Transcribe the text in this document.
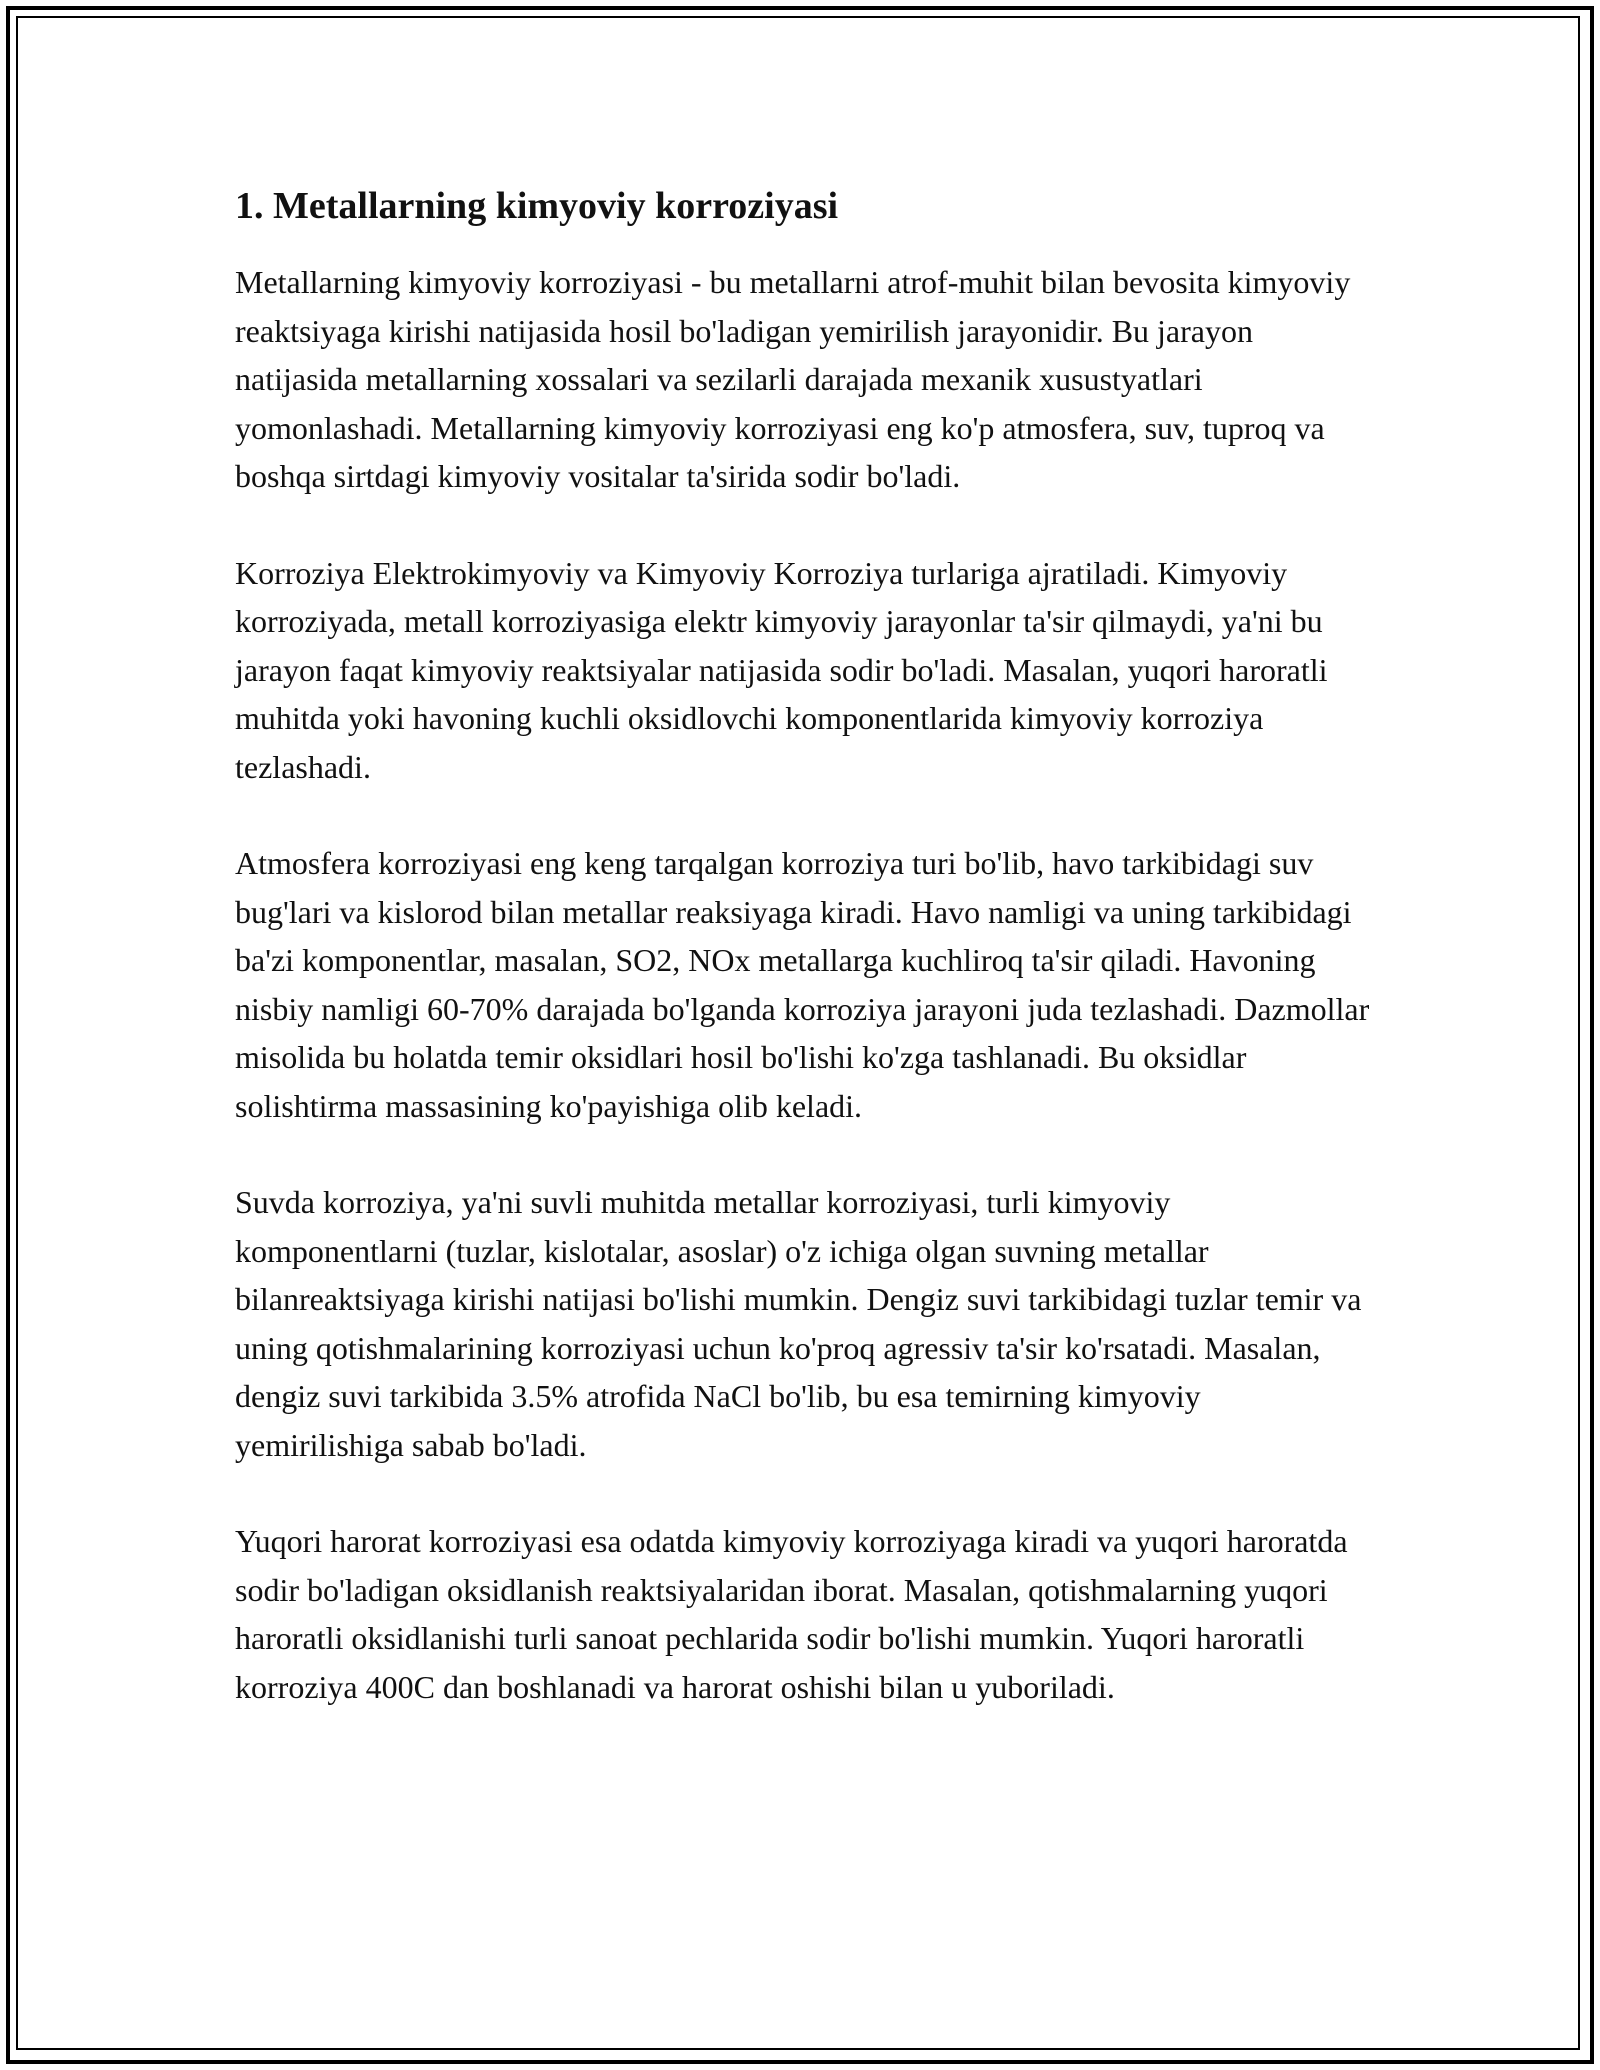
1. Metallarning kimyoviy korroziyasi

Metallarning kimyoviy korroziyasi - bu metallarni atrof-muhit bilan bevosita kimyoviy reaktsiyaga kirishi natijasida hosil bo'ladigan yemirilish jarayonidir. Bu jarayon natijasida metallarning xossalari va sezilarli darajada mexanik xusustyatlari yomonlashadi. Metallarning kimyoviy korroziyasi eng ko'p atmosfera, suv, tuproq va boshqa sirtdagi kimyoviy vositalar ta'sirida sodir bo'ladi.

Korroziya Elektrokimyoviy va Kimyoviy Korroziya turlariga ajratiladi. Kimyoviy korroziyada, metall korroziyasiga elektr kimyoviy jarayonlar ta'sir qilmaydi, ya'ni bu jarayon faqat kimyoviy reaktsiyalar natijasida sodir bo'ladi. Masalan, yuqori haroratli muhitda yoki havoning kuchli oksidlovchi komponentlarida kimyoviy korroziya tezlashadi.

Atmosfera korroziyasi eng keng tarqalgan korroziya turi bo'lib, havo tarkibidagi suv bug'lari va kislorod bilan metallar reaksiyaga kiradi. Havo namligi va uning tarkibidagi ba'zi komponentlar, masalan, SO2, NOx metallarga kuchliroq ta'sir qiladi. Havoning nisbiy namligi 60-70% darajada bo'lganda korroziya jarayoni juda tezlashadi. Dazmollar misolida bu holatda temir oksidlari hosil bo'lishi ko'zga tashlanadi. Bu oksidlar solishtirma massasining ko'payishiga olib keladi.

Suvda korroziya, ya'ni suvli muhitda metallar korroziyasi, turli kimyoviy komponentlarni (tuzlar, kislotalar, asoslar) o'z ichiga olgan suvning metallar bilanreaktsiyaga kirishi natijasi bo'lishi mumkin. Dengiz suvi tarkibidagi tuzlar temir va uning qotishmalarining korroziyasi uchun ko'proq agressiv ta'sir ko'rsatadi. Masalan, dengiz suvi tarkibida 3.5% atrofida NaCl bo'lib, bu esa temirning kimyoviy yemirilishiga sabab bo'ladi.

Yuqori harorat korroziyasi esa odatda kimyoviy korroziyaga kiradi va yuqori haroratda sodir bo'ladigan oksidlanish reaktsiyalaridan iborat. Masalan, qotishmalarning yuqori haroratli oksidlanishi turli sanoat pechlarida sodir bo'lishi mumkin. Yuqori haroratli korroziya 400C dan boshlanadi va harorat oshishi bilan u yuboriladi.
